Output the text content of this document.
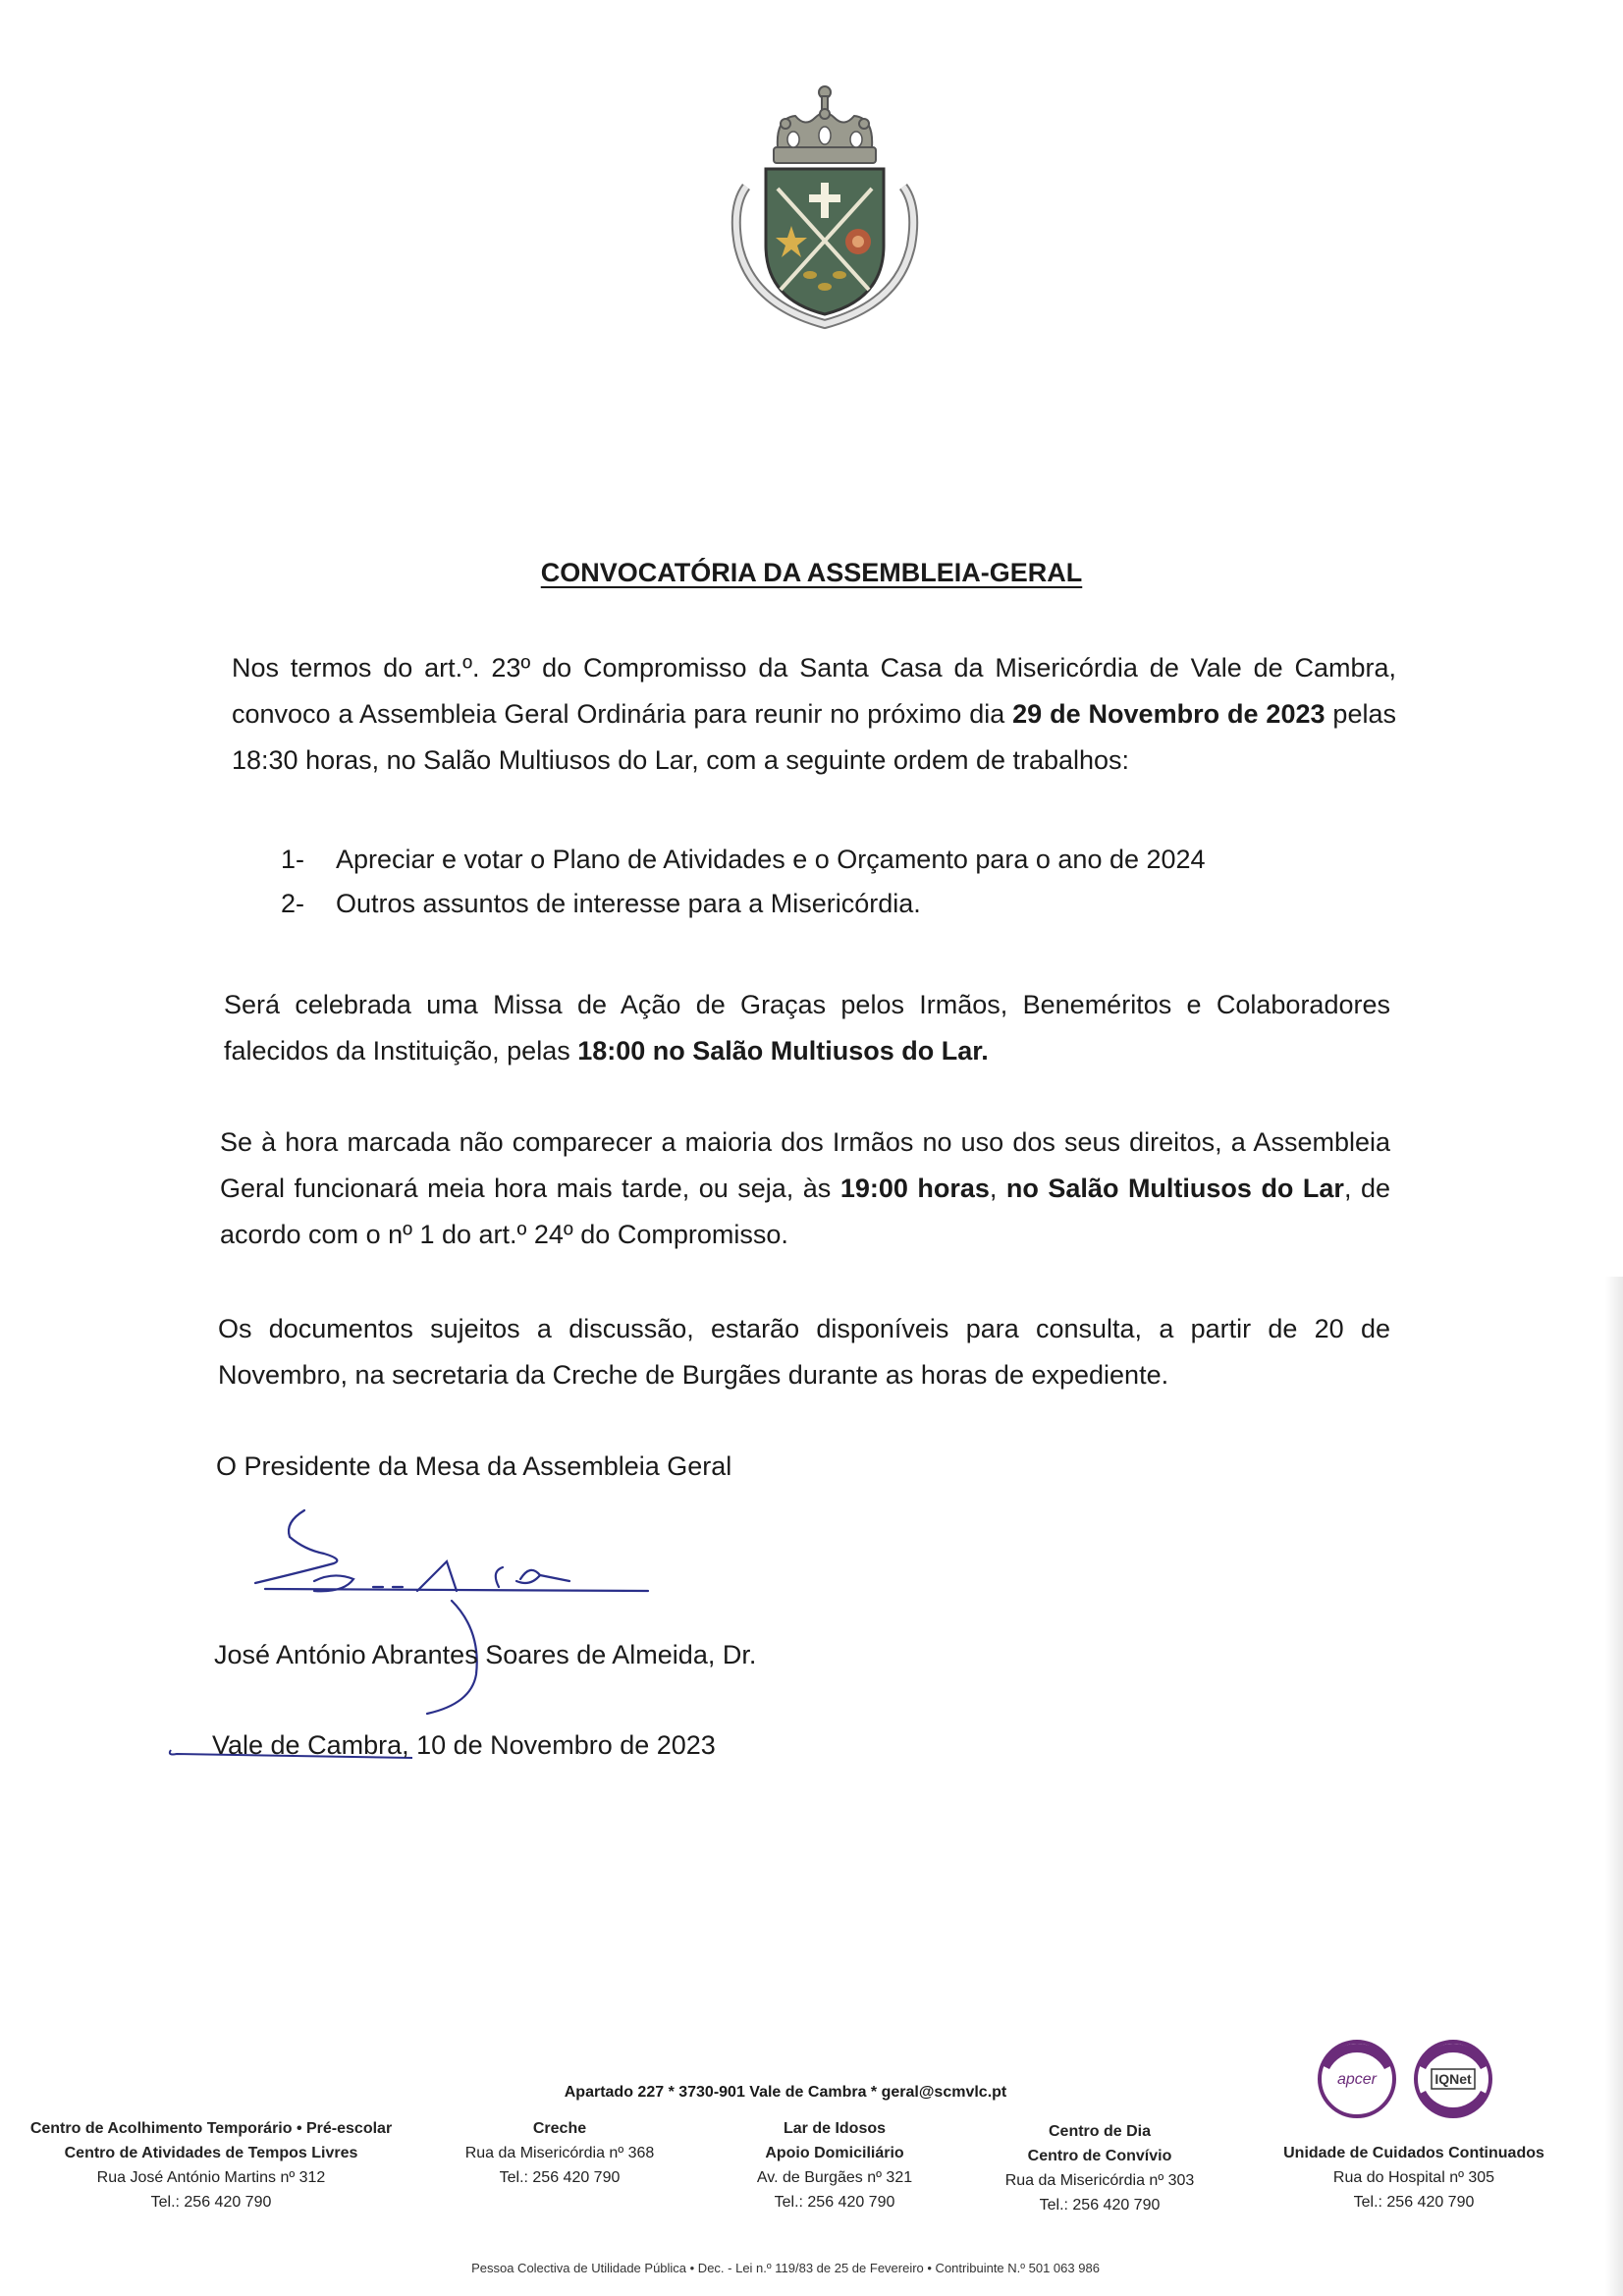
CONVOCATÓRIA DA ASSEMBLEIA-GERAL
Nos termos do art.º. 23º do Compromisso da Santa Casa da Misericórdia de Vale de Cambra, convoco a Assembleia Geral Ordinária para reunir no próximo dia 29 de Novembro de 2023 pelas 18:30 horas, no Salão Multiusos do Lar, com a seguinte ordem de trabalhos:
1- Apreciar e votar o Plano de Atividades e o Orçamento para o ano de 2024
2- Outros assuntos de interesse para a Misericórdia.
Será celebrada uma Missa de Ação de Graças pelos Irmãos, Beneméritos e Colaboradores falecidos da Instituição, pelas 18:00 no Salão Multiusos do Lar.
Se à hora marcada não comparecer a maioria dos Irmãos no uso dos seus direitos, a Assembleia Geral funcionará meia hora mais tarde, ou seja, às 19:00 horas, no Salão Multiusos do Lar, de acordo com o nº 1 do art.º 24º do Compromisso.
Os documentos sujeitos a discussão, estarão disponíveis para consulta, a partir de 20 de Novembro, na secretaria da Creche de Burgães durante as horas de expediente.
O Presidente da Mesa da Assembleia Geral
José António Abrantes Soares de Almeida, Dr.
Vale de Cambra, 10 de Novembro de 2023
apcer	IQNet
Apartado 227 * 3730-901 Vale de Cambra * geral@scmvlc.pt
Centro de Acolhimento Temporário • Pré-escolar
Centro de Atividades de Tempos Livres
Rua José António Martins nº 312
Tel.: 256 420 790
Creche
Rua da Misericórdia nº 368
Tel.: 256 420 790
Lar de Idosos
Apoio Domiciliário
Av. de Burgães nº 321
Tel.: 256 420 790
Centro de Dia
Centro de Convívio
Rua da Misericórdia nº 303
Tel.: 256 420 790
Unidade de Cuidados Continuados
Rua do Hospital nº 305
Tel.: 256 420 790
Pessoa Colectiva de Utilidade Pública • Dec. - Lei n.º 119/83 de 25 de Fevereiro • Contribuinte N.º 501 063 986
